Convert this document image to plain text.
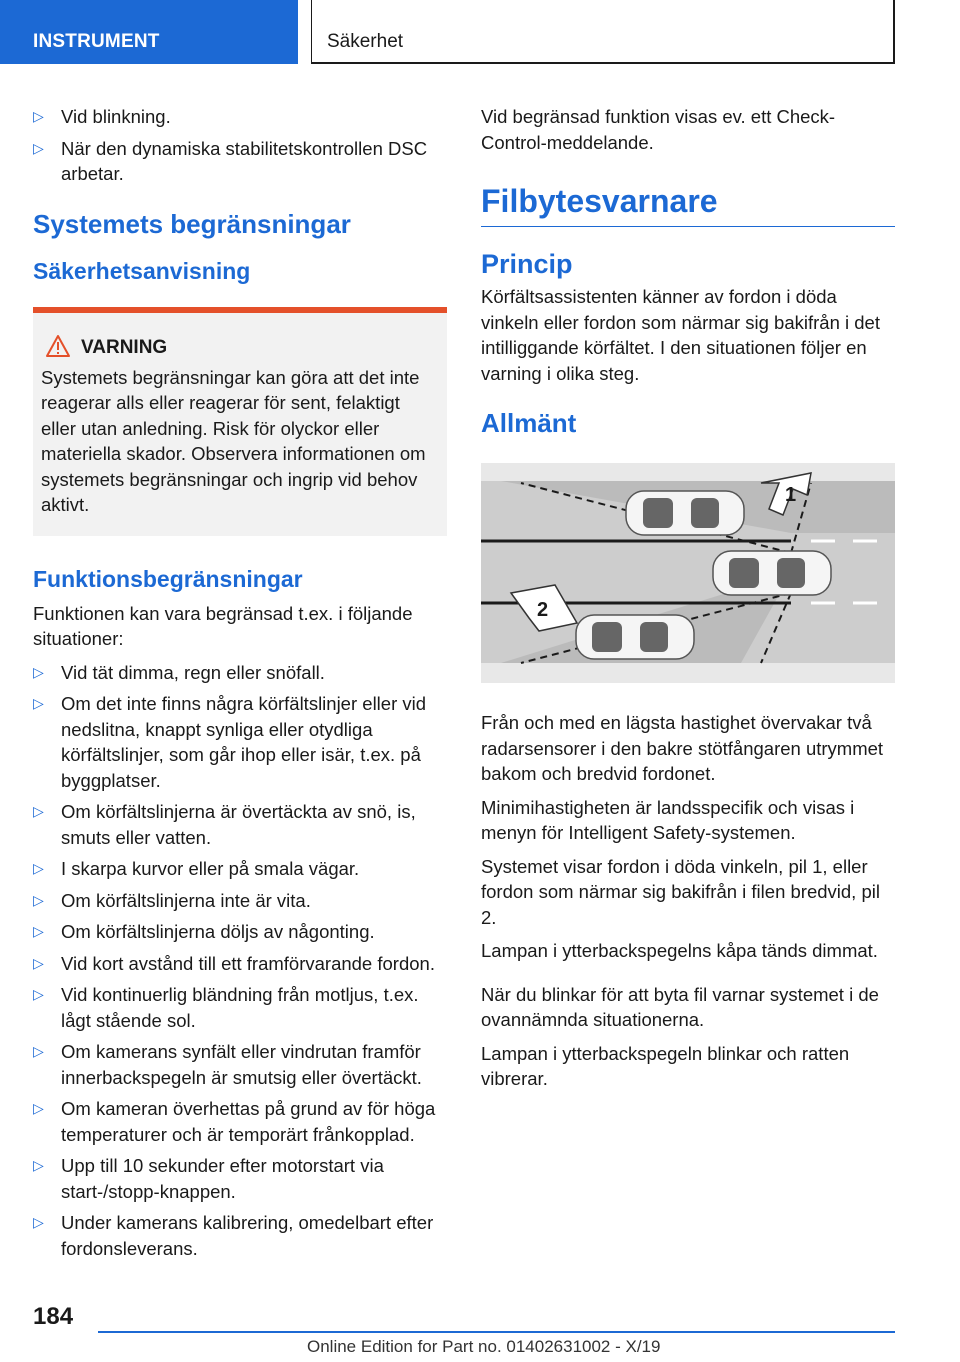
INSTRUMENT	Säkerhet
▷ Vid blinkning.
▷ När den dynamiska stabilitetskontrollen DSC arbetar.
Systemets begränsningar
Säkerhetsanvisning
VARNING

Systemets begränsningar kan göra att det inte reagerar alls eller reagerar för sent, felaktigt eller utan anledning. Risk för olyckor eller materiella skador. Observera informationen om systemets begränsningar och ingrip vid behov aktivt.

Funktionsbegränsningar

Funktionen kan vara begränsad t.ex. i följande situationer:

▷ Vid tät dimma, regn eller snöfall.
▷ Om det inte finns några körfältslinjer eller vid nedslitna, knappt synliga eller otydliga körfältslinjer, som går ihop eller isär, t.ex. på byggplatser.
▷ Om körfältslinjerna är övertäckta av snö, is, smuts eller vatten.
▷ I skarpa kurvor eller på smala vägar.
▷ Om körfältslinjerna inte är vita.
▷ Om körfältslinjerna döljs av någonting.
▷ Vid kort avstånd till ett framförvarande fordon.
▷ Vid kontinuerlig bländning från motljus, t.ex. lågt stående sol.
▷ Om kamerans synfält eller vindrutan framför innerbackspegeln är smutsig eller övertäckt.
▷ Om kameran överhettas på grund av för höga temperaturer och är temporärt frånkopplad.
▷ Upp till 10 sekunder efter motorstart via start-/stopp-knappen.
▷ Under kamerans kalibrering, omedelbart efter fordonsleverans.

Vid begränsad funktion visas ev. ett Check-Control-meddelande.

Filbytesvarnare
Princip

Körfältsassistenten känner av fordon i döda vinkeln eller fordon som närmar sig bakifrån i det intilliggande körfältet. I den situationen följer en varning i olika steg.

Allmänt
1
2

Från och med en lägsta hastighet övervakar två radarsensorer i den bakre stötfångaren utrymmet bakom och bredvid fordonet.

Minimihastigheten är landsspecifik och visas i menyn för Intelligent Safety-systemen.

Systemet visar fordon i döda vinkeln, pil 1, eller fordon som närmar sig bakifrån i filen bredvid, pil 2.

Lampan i ytterbackspegelns kåpa tänds dimmat.

När du blinkar för att byta fil varnar systemet i de ovannämnda situationerna.

Lampan i ytterbackspegeln blinkar och ratten vibrerar.

184
Online Edition for Part no. 01402631002 - X/19
